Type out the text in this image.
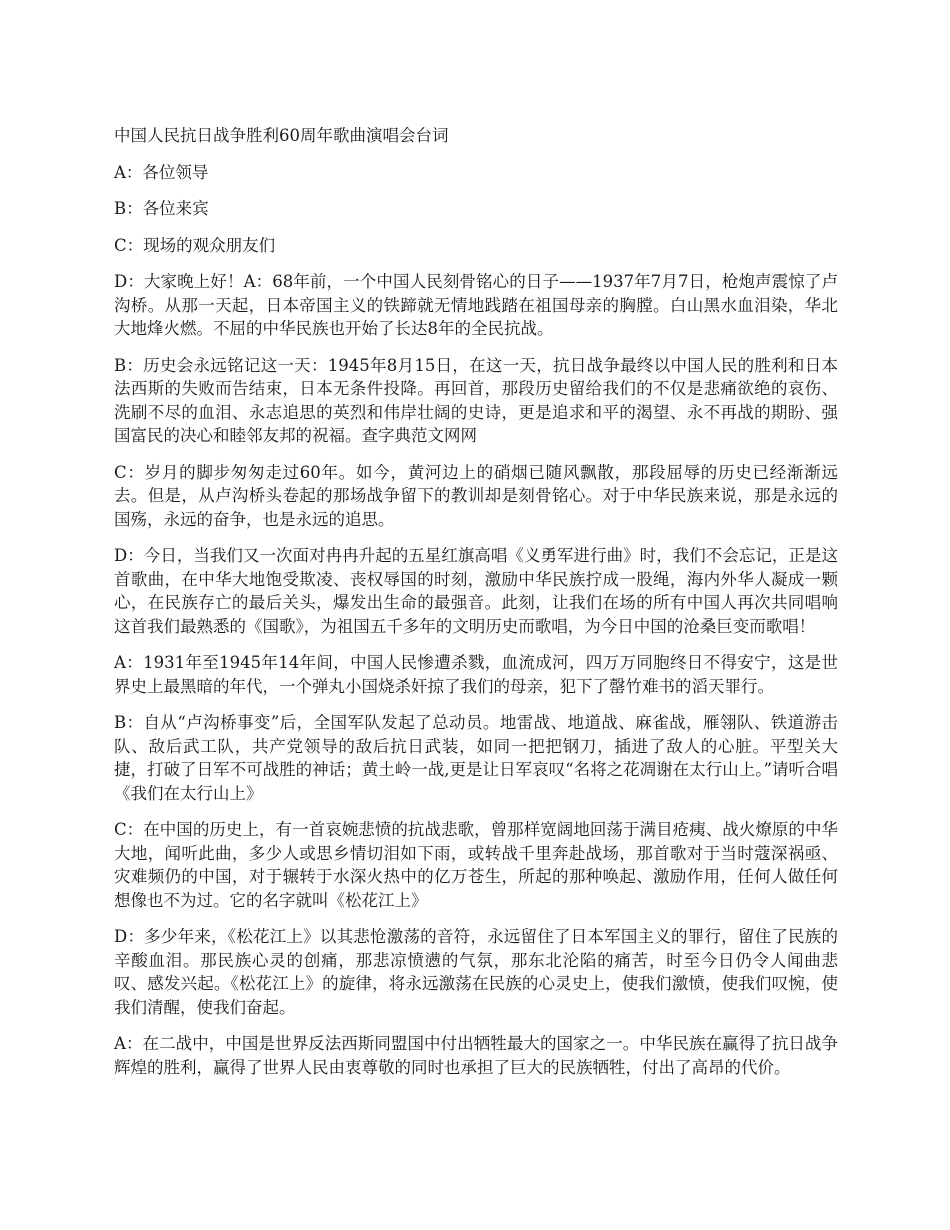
中国人民抗日战争胜利60周年歌曲演唱会台词

A：各位领导

B：各位来宾

C：现场的观众朋友们

D：大家晚上好！A：68年前，一个中国人民刻骨铭心的日子——1937年7月7日，枪炮声震惊了卢沟桥。从那一天起，日本帝国主义的铁蹄就无情地践踏在祖国母亲的胸膛。白山黑水血泪染，华北大地烽火燃。不屈的中华民族也开始了长达8年的全民抗战。

B：历史会永远铭记这一天：1945年8月15日，在这一天，抗日战争最终以中国人民的胜利和日本法西斯的失败而告结束，日本无条件投降。再回首，那段历史留给我们的不仅是悲痛欲绝的哀伤、洗刷不尽的血泪、永志追思的英烈和伟岸壮阔的史诗，更是追求和平的渴望、永不再战的期盼、强国富民的决心和睦邻友邦的祝福。查字典范文网网

C：岁月的脚步匆匆走过60年。如今，黄河边上的硝烟已随风飘散，那段屈辱的历史已经渐渐远去。但是，从卢沟桥头卷起的那场战争留下的教训却是刻骨铭心。对于中华民族来说，那是永远的国殇，永远的奋争，也是永远的追思。

D：今日，当我们又一次面对冉冉升起的五星红旗高唱《义勇军进行曲》时，我们不会忘记，正是这首歌曲，在中华大地饱受欺凌、丧权辱国的时刻，激励中华民族拧成一股绳，海内外华人凝成一颗心，在民族存亡的最后关头，爆发出生命的最强音。此刻，让我们在场的所有中国人再次共同唱响这首我们最熟悉的《国歌》，为祖国五千多年的文明历史而歌唱，为今日中国的沧桑巨变而歌唱！

A：1931年至1945年14年间，中国人民惨遭杀戮，血流成河，四万万同胞终日不得安宁，这是世界史上最黑暗的年代，一个弹丸小国烧杀奸掠了我们的母亲，犯下了罄竹难书的滔天罪行。

B：自从“卢沟桥事变”后，全国军队发起了总动员。地雷战、地道战、麻雀战，雁翎队、铁道游击队、敌后武工队，共产党领导的敌后抗日武装，如同一把把钢刀，插进了敌人的心脏。平型关大捷，打破了日军不可战胜的神话；黄土岭一战,更是让日军哀叹“名将之花凋谢在太行山上。”请听合唱《我们在太行山上》

C：在中国的历史上，有一首哀婉悲愤的抗战悲歌，曾那样宽阔地回荡于满目疮痍、战火燎原的中华大地，闻听此曲，多少人或思乡情切泪如下雨，或转战千里奔赴战场，那首歌对于当时蔻深祸亟、灾难频仍的中国，对于辗转于水深火热中的亿万苍生，所起的那种唤起、激励作用，任何人做任何想像也不为过。它的名字就叫《松花江上》

D：多少年来，《松花江上》以其悲怆激荡的音符，永远留住了日本军国主义的罪行，留住了民族的辛酸血泪。那民族心灵的创痛，那悲凉愤懑的气氛，那东北沦陷的痛苦，时至今日仍令人闻曲悲叹、感发兴起。《松花江上》的旋律，将永远激荡在民族的心灵史上，使我们激愤，使我们叹惋，使我们清醒，使我们奋起。

A：在二战中，中国是世界反法西斯同盟国中付出牺牲最大的国家之一。中华民族在赢得了抗日战争辉煌的胜利，赢得了世界人民由衷尊敬的同时也承担了巨大的民族牺牲，付出了高昂的代价。
